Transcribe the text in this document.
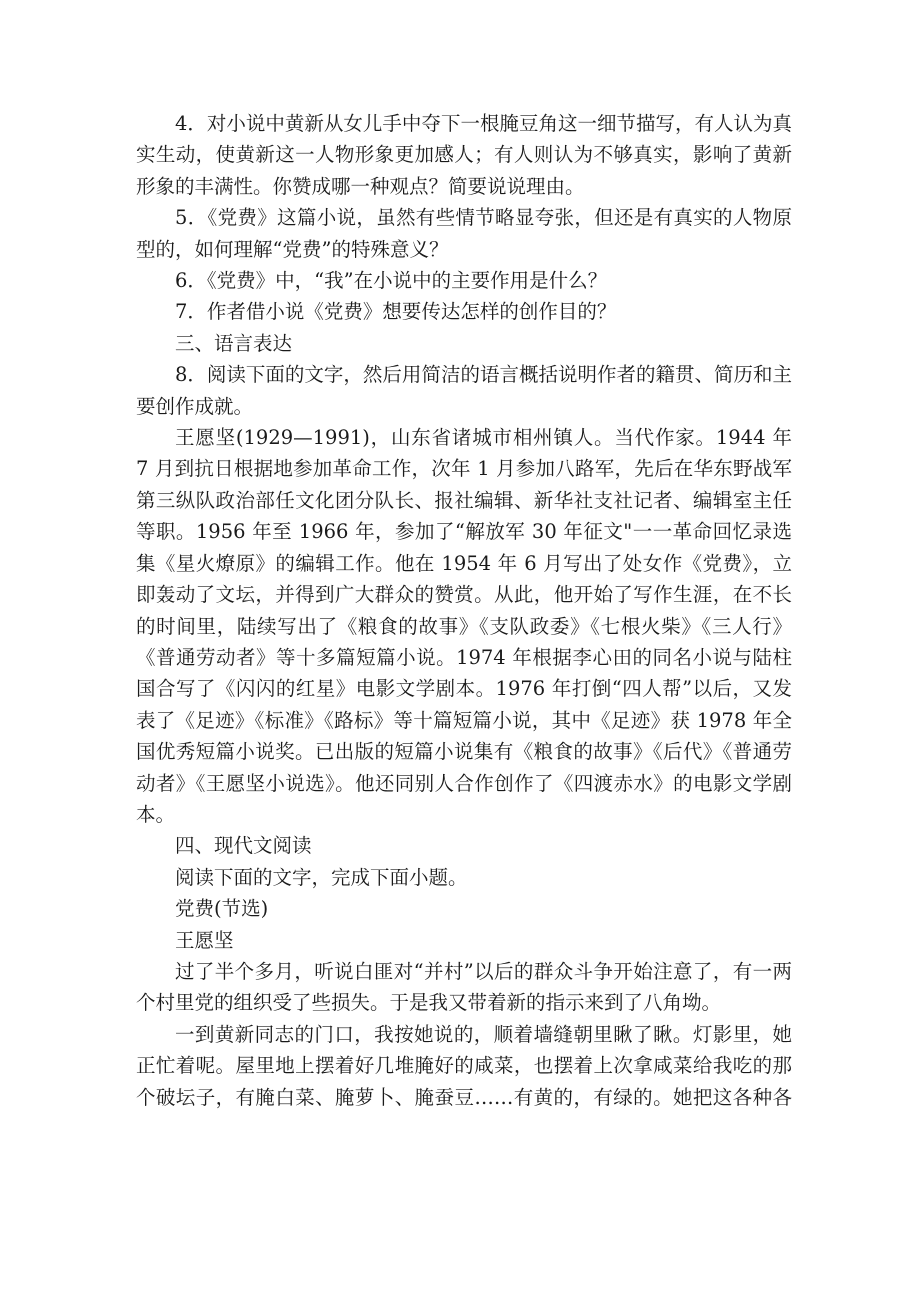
4．对小说中黄新从女儿手中夺下一根腌豆角这一细节描写，有人认为真实生动，使黄新这一人物形象更加感人；有人则认为不够真实，影响了黄新形象的丰满性。你赞成哪一种观点？简要说说理由。

5．《党费》这篇小说，虽然有些情节略显夸张，但还是有真实的人物原型的，如何理解“党费”的特殊意义？

6．《党费》中，“我”在小说中的主要作用是什么？

7．作者借小说《党费》想要传达怎样的创作目的？

三、语言表达

8．阅读下面的文字，然后用简洁的语言概括说明作者的籍贯、简历和主要创作成就。

王愿坚(1929—1991)，山东省诸城市相州镇人。当代作家。1944 年 7 月到抗日根据地参加革命工作，次年 1 月参加八路军，先后在华东野战军第三纵队政治部任文化团分队长、报社编辑、新华社支社记者、编辑室主任等职。1956 年至 1966 年，参加了“解放军 30 年征文"一一革命回忆录选集《星火燎原》的编辑工作。他在 1954 年 6 月写出了处女作《党费》，立即轰动了文坛，并得到广大群众的赞赏。从此，他开始了写作生涯，在不长的时间里，陆续写出了《粮食的故事》《支队政委》《七根火柴》《三人行》《普通劳动者》等十多篇短篇小说。1974 年根据李心田的同名小说与陆柱国合写了《闪闪的红星》电影文学剧本。1976 年打倒“四人帮”以后，又发表了《足迹》《标准》《路标》等十篇短篇小说，其中《足迹》获 1978 年全国优秀短篇小说奖。已出版的短篇小说集有《粮食的故事》《后代》《普通劳动者》《王愿坚小说选》。他还同别人合作创作了《四渡赤水》的电影文学剧本。

四、现代文阅读

阅读下面的文字，完成下面小题。

党费(节选)

王愿坚

过了半个多月，听说白匪对“并村”以后的群众斗争开始注意了，有一两个村里党的组织受了些损失。于是我又带着新的指示来到了八角坳。

一到黄新同志的门口，我按她说的，顺着墙缝朝里瞅了瞅。灯影里，她正忙着呢。屋里地上摆着好几堆腌好的咸菜，也摆着上次拿咸菜给我吃的那个破坛子，有腌白菜、腌萝卜、腌蚕豆……有黄的，有绿的。她把这各种各
